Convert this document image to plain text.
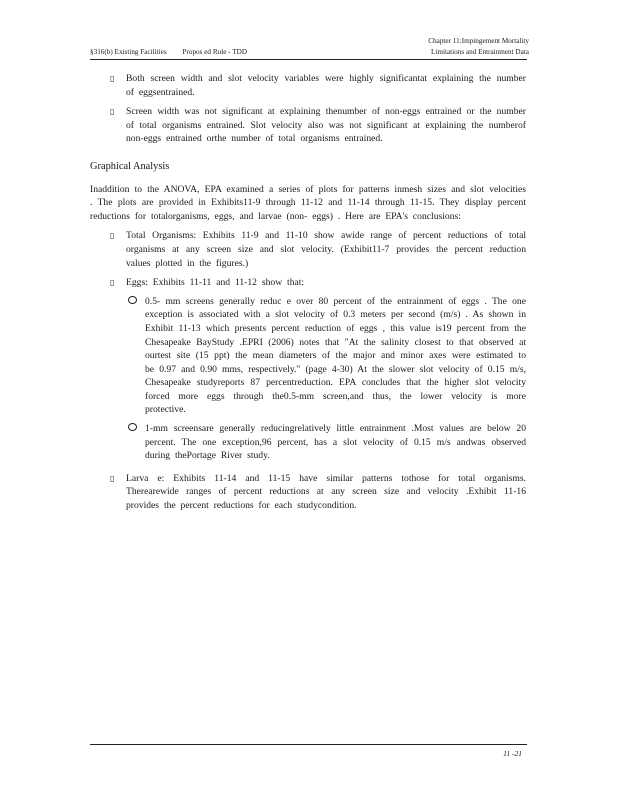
Chapter 11:Impingement Mortality
Limitations and Entrainment Data
§316(b) Existing Facilities Propos ed Rule - TDD

▯ Both screen width and slot velocity variables were highly significantat explaining the number of eggsentrained.

▯ Screen width was not significant at explaining thenumber of non-eggs entrained or the number of total organisms entrained. Slot velocity also was not significant at explaining the numberof non-eggs entrained orthe number of total organisms entrained.

Graphical Analysis

Inaddition to the ANOVA, EPA examined a series of plots for patterns inmesh sizes and slot velocities . The plots are provided in Exhibits11-9 through 11-12 and 11-14 through 11-15. They display percent reductions for totalorganisms, eggs, and larvae (non- eggs) . Here are EPA's conclusions:

▯ Total Organisms: Exhibits 11-9 and 11-10 show awide range of percent reductions of total organisms at any screen size and slot velocity. (Exhibit11-7 provides the percent reduction values plotted in the figures.)

▯ Eggs: Exhibits 11-11 and 11-12 show that:

0.5- mm screens generally reduc e over 80 percent of the entrainment of eggs . The one exception is associated with a slot velocity of 0.3 meters per second (m/s) . As shown in Exhibit 11-13 which presents percent reduction of eggs , this value is19 percent from the Chesapeake BayStudy .EPRI (2006) notes that "At the salinity closest to that observed at ourtest site (15 ppt) the mean diameters of the major and minor axes were estimated to be 0.97 and 0.90 mms, respectively." (page 4-30) At the slower slot velocity of 0.15 m/s, Chesapeake studyreports 87 percentreduction. EPA concludes that the higher slot velocity forced more eggs through the0.5-mm screen,and thus, the lower velocity is more protective.

1-mm screensare generally reducingrelatively little entrainment .Most values are below 20 percent. The one exception,96 percent, has a slot velocity of 0.15 m/s andwas observed during thePortage River study.

▯ Larva e: Exhibits 11-14 and 11-15 have similar patterns tothose for total organisms. Therearewide ranges of percent reductions at any screen size and velocity .Exhibit 11-16 provides the percent reductions for each studycondition.

11 -21
